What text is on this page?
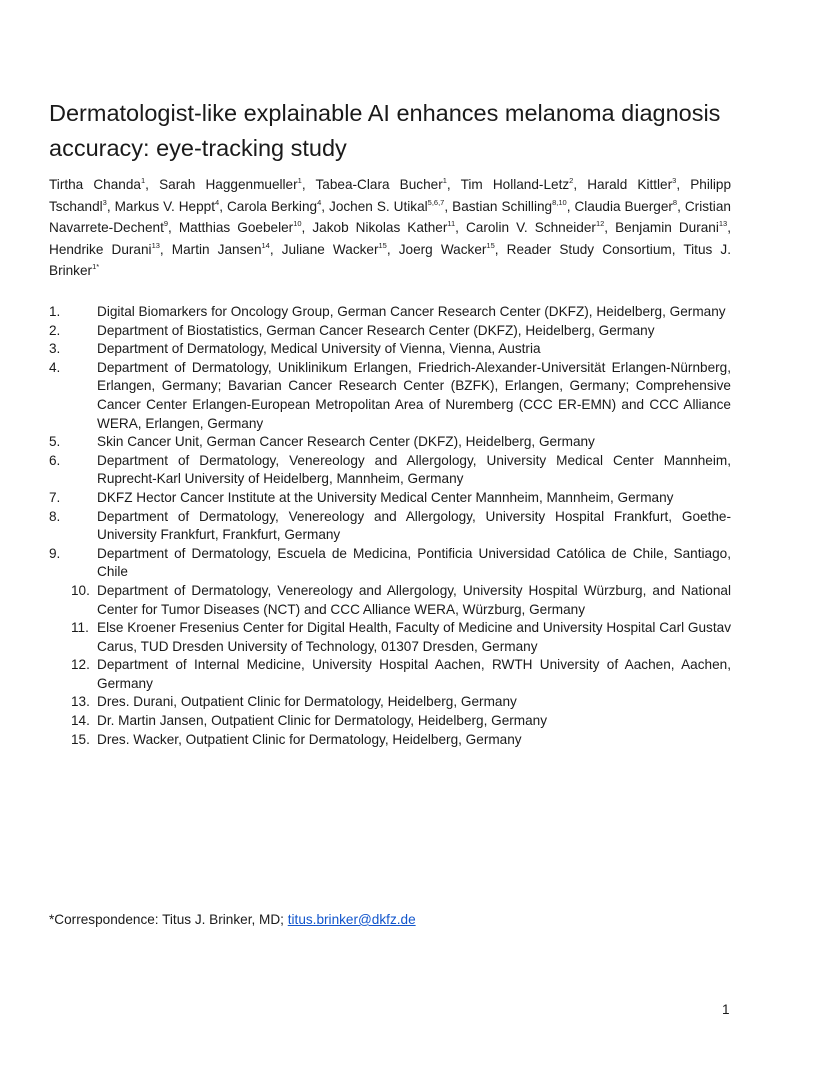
Dermatologist-like explainable AI enhances melanoma diagnosis accuracy: eye-tracking study
Tirtha Chanda$^1$, Sarah Haggenmueller$^1$, Tabea-Clara Bucher$^1$, Tim Holland-Letz$^2$, Harald Kittler$^3$, Philipp Tschandl$^3$, Markus V. Heppt$^4$, Carola Berking$^4$, Jochen S. Utikal$^{5,6,7}$, Bastian Schilling$^{8,10}$, Claudia Buerger$^8$, Cristian Navarrete-Dechent$^9$, Matthias Goebeler$^{10}$, Jakob Nikolas Kather$^{11}$, Carolin V. Schneider$^{12}$, Benjamin Durani$^{13}$, Hendrike Durani$^{13}$, Martin Jansen$^{14}$, Juliane Wacker$^{15}$, Joerg Wacker$^{15}$, Reader Study Consortium, Titus J. Brinker$^{1*}$
1.	Digital Biomarkers for Oncology Group, German Cancer Research Center (DKFZ), Heidelberg, Germany
2.	Department of Biostatistics, German Cancer Research Center (DKFZ), Heidelberg, Germany
3.	Department of Dermatology, Medical University of Vienna, Vienna, Austria
4.	Department of Dermatology, Uniklinikum Erlangen, Friedrich-Alexander-Universität Erlangen-Nürnberg, Erlangen, Germany; Bavarian Cancer Research Center (BZFK), Erlangen, Germany; Comprehensive Cancer Center Erlangen-European Metropolitan Area of Nuremberg (CCC ER-EMN) and CCC Alliance WERA, Erlangen, Germany
5.	Skin Cancer Unit, German Cancer Research Center (DKFZ), Heidelberg, Germany
6.	Department of Dermatology, Venereology and Allergology, University Medical Center Mannheim, Ruprecht-Karl University of Heidelberg, Mannheim, Germany
7.	DKFZ Hector Cancer Institute at the University Medical Center Mannheim, Mannheim, Germany
8.	Department of Dermatology, Venereology and Allergology, University Hospital Frankfurt, Goethe-University Frankfurt, Frankfurt, Germany
9.	Department of Dermatology, Escuela de Medicina, Pontificia Universidad Católica de Chile, Santiago, Chile
10. Department of Dermatology, Venereology and Allergology, University Hospital Würzburg, and National Center for Tumor Diseases (NCT) and CCC Alliance WERA, Würzburg, Germany
11. Else Kroener Fresenius Center for Digital Health, Faculty of Medicine and University Hospital Carl Gustav Carus, TUD Dresden University of Technology, 01307 Dresden, Germany
12. Department of Internal Medicine, University Hospital Aachen, RWTH University of Aachen, Aachen, Germany
13. Dres. Durani, Outpatient Clinic for Dermatology, Heidelberg, Germany
14. Dr. Martin Jansen, Outpatient Clinic for Dermatology, Heidelberg, Germany
15. Dres. Wacker, Outpatient Clinic for Dermatology, Heidelberg, Germany
*Correspondence: Titus J. Brinker, MD; titus.brinker@dkfz.de
1
